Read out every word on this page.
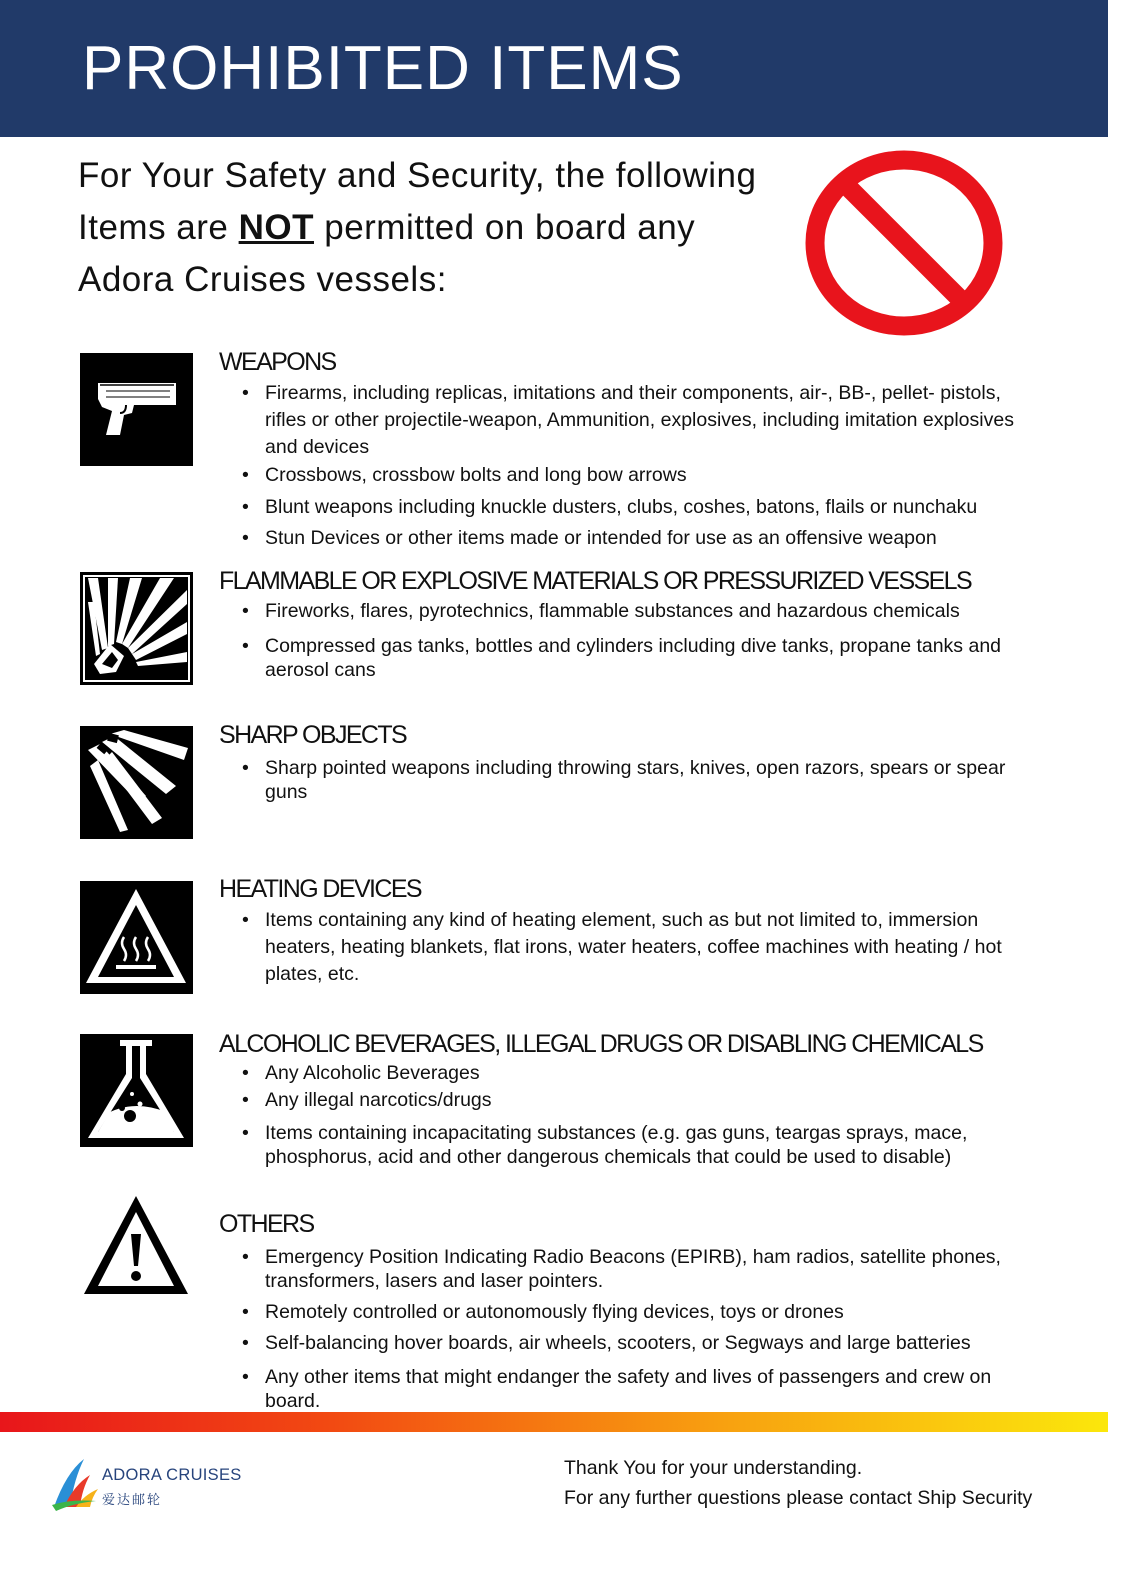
PROHIBITED ITEMS
For Your Safety and Security, the following
Items are NOT permitted on board any
Adora Cruises vessels:
WEAPONS
• Firearms, including replicas, imitations and their components, air-, BB-, pellet- pistols, rifles or other projectile-weapon, Ammunition, explosives, including imitation explosives and devices
• Crossbows, crossbow bolts and long bow arrows
• Blunt weapons including knuckle dusters, clubs, coshes, batons, flails or nunchaku
• Stun Devices or other items made or intended for use as an offensive weapon
FLAMMABLE OR EXPLOSIVE MATERIALS OR PRESSURIZED VESSELS
• Fireworks, flares, pyrotechnics, flammable substances and hazardous chemicals
• Compressed gas tanks, bottles and cylinders including dive tanks, propane tanks and aerosol cans
SHARP OBJECTS
• Sharp pointed weapons including throwing stars, knives, open razors, spears or spear guns
HEATING DEVICES
• Items containing any kind of heating element, such as but not limited to, immersion heaters, heating blankets, flat irons, water heaters, coffee machines with heating / hot plates, etc.
ALCOHOLIC BEVERAGES, ILLEGAL DRUGS OR DISABLING CHEMICALS
• Any Alcoholic Beverages
• Any illegal narcotics/drugs
• Items containing incapacitating substances (e.g. gas guns, teargas sprays, mace, phosphorus, acid and other dangerous chemicals that could be used to disable)
OTHERS
• Emergency Position Indicating Radio Beacons (EPIRB), ham radios, satellite phones, transformers, lasers and laser pointers.
• Remotely controlled or autonomously flying devices, toys or drones
• Self-balancing hover boards, air wheels, scooters, or Segways and large batteries
• Any other items that might endanger the safety and lives of passengers and crew on board.
ADORA CRUISES
爱达邮轮
Thank You for your understanding.
For any further questions please contact Ship Security
